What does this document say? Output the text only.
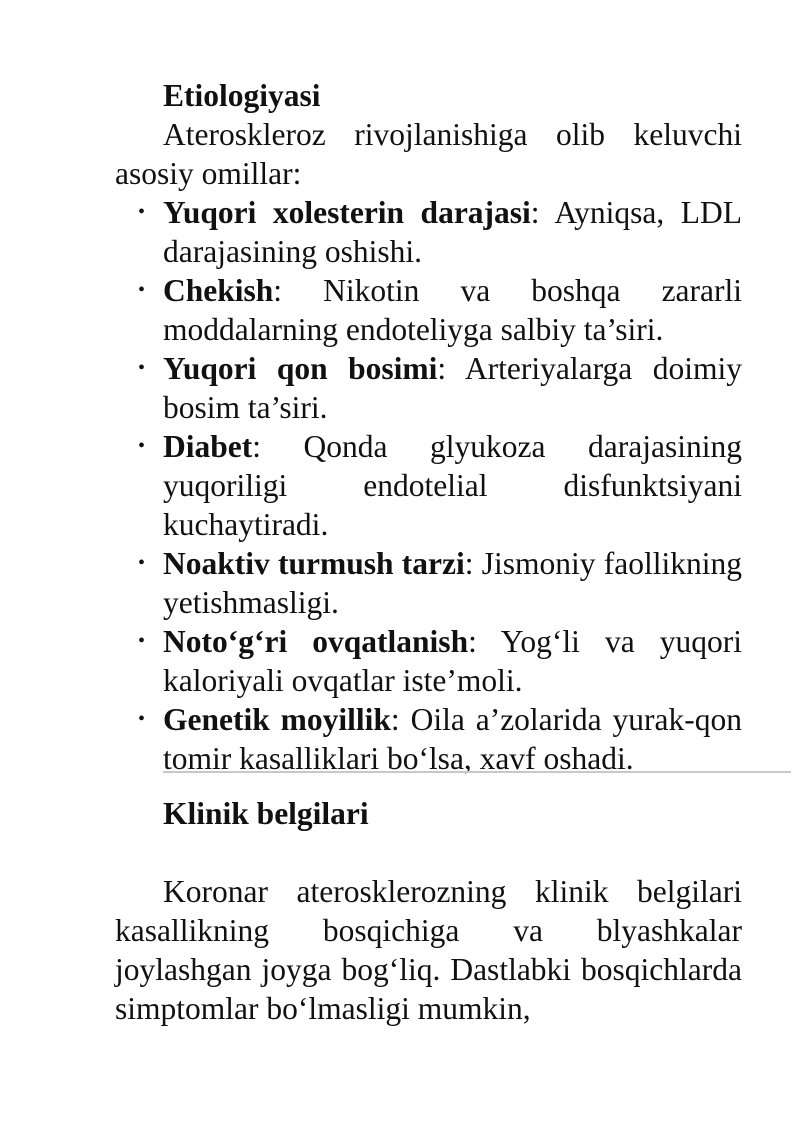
Etiologiyasi

Ateroskleroz rivojlanishiga olib keluvchi asosiy omillar:

• Yuqori xolesterin darajasi: Ayniqsa, LDL darajasining oshishi.
• Chekish: Nikotin va boshqa zararli moddalarning endoteliyga salbiy ta’siri.
• Yuqori qon bosimi: Arteriyalarga doimiy bosim ta’siri.
• Diabet: Qonda glyukoza darajasining yuqoriligi endotelial disfunktsiyani kuchaytiradi.
• Noaktiv turmush tarzi: Jismoniy faollikning yetishmasligi.
• Noto‘g‘ri ovqatlanish: Yog‘li va yuqori kaloriyali ovqatlar iste’moli.
• Genetik moyillik: Oila a’zolarida yurak-qon tomir kasalliklari bo‘lsa, xavf oshadi.

Klinik belgilari

Koronar aterosklerozning klinik belgilari kasallikning bosqichiga va blyashkalar joylashgan joyga bog‘liq. Dastlabki bosqichlarda simptomlar bo‘lmasligi mumkin,
